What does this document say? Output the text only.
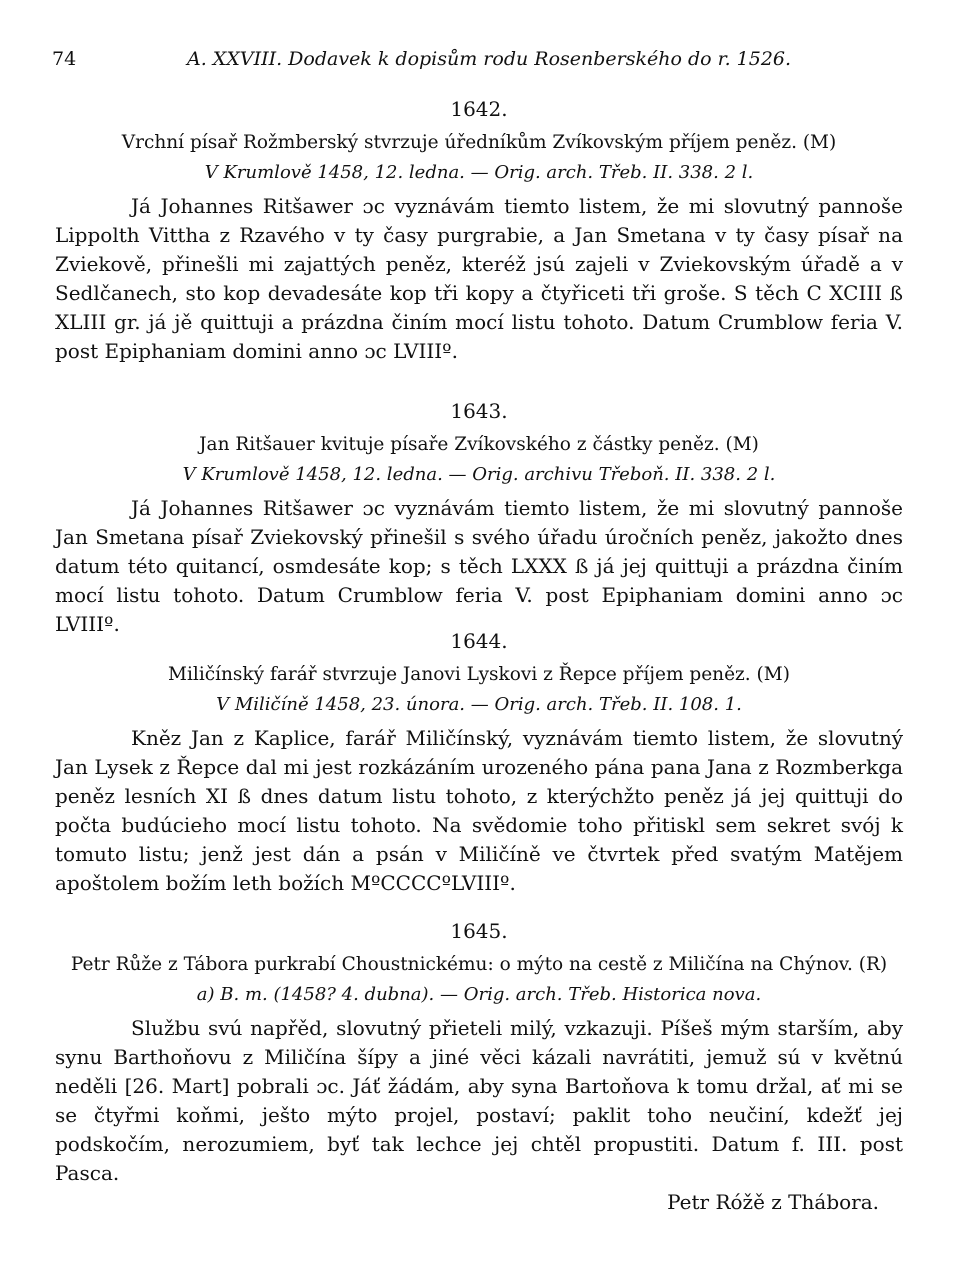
74	A. XXVIII. Dodavek k dopisům rodu Rosenberského do r. 1526.

1642.

Vrchní písař Rožmberský stvrzuje úředníkům Zvíkovským příjem peněz. (M)

V Krumlově 1458, 12. ledna. — Orig. arch. Třeb. II. 338. 2 l.

Já Johannes Ritšawer ɔc vyznávám tiemto listem, že mi slovutný pannoše Lippolth Vittha z Rzavého v ty časy purgrabie, a Jan Smetana v ty časy písař na Zviekově, přinešli mi zajattých peněz, kteréž jsú zajeli v Zviekovským úřadě a v Sedlčanech, sto kop devadesáte kop tři kopy a čtyřiceti tři groše. S těch C XCIII ß XLIII gr. já jě quittuji a prázdna činím mocí listu tohoto. Datum Crumblow feria V. post Epiphaniam domini anno ɔc LVIIIº.

1643.

Jan Ritšauer kvituje písaře Zvíkovského z částky peněz. (M)

V Krumlově 1458, 12. ledna. — Orig. archivu Třeboň. II. 338. 2 l.

Já Johannes Ritšawer ɔc vyznávám tiemto listem, že mi slovutný pannoše Jan Smetana písař Zviekovský přinešil s svého úřadu úročních peněz, jakožto dnes datum této quitancí, osmdesáte kop; s těch LXXX ß já jej quittuji a prázdna činím mocí listu tohoto. Datum Crumblow feria V. post Epiphaniam domini anno ɔc LVIIIº.

1644.

Miličínský farář stvrzuje Janovi Lyskovi z Řepce příjem peněz. (M)

V Miličíně 1458, 23. února. — Orig. arch. Třeb. II. 108. 1.

Kněz Jan z Kaplice, farář Miličínský, vyznávám tiemto listem, že slovutný Jan Lysek z Řepce dal mi jest rozkázáním urozeného pána pana Jana z Rozmberkga peněz lesních XI ß dnes datum listu tohoto, z kterýchžto peněz já jej quittuji do počta budúcieho mocí listu tohoto. Na svědomie toho přitiskl sem sekret svój k tomuto listu; jenž jest dán a psán v Miličíně ve čtvrtek před svatým Matějem apoštolem božím leth božích MºCCCCºLVIIIº.

1645.

Petr Růže z Tábora purkrabí Choustnickému: o mýto na cestě z Miličína na Chýnov. (R)

a) B. m. (1458? 4. dubna). — Orig. arch. Třeb. Historica nova.

Službu svú napřěd, slovutný přieteli milý, vzkazuji. Píšeš mým starším, aby synu Barthoňovu z Miličína šípy a jiné věci kázali navrátiti, jemuž sú v květnú neděli [26. Mart] pobrali ɔc. Jáť žádám, aby syna Bartoňova k tomu držal, ať mi se se čtyřmi koňmi, ješto mýto projel, postaví; paklit toho neučiní, kdežť jej podskočím, nerozumiem, byť tak lechce jej chtěl propustiti. Datum f. III. post Pasca.

Petr Róžě z Thábora.
